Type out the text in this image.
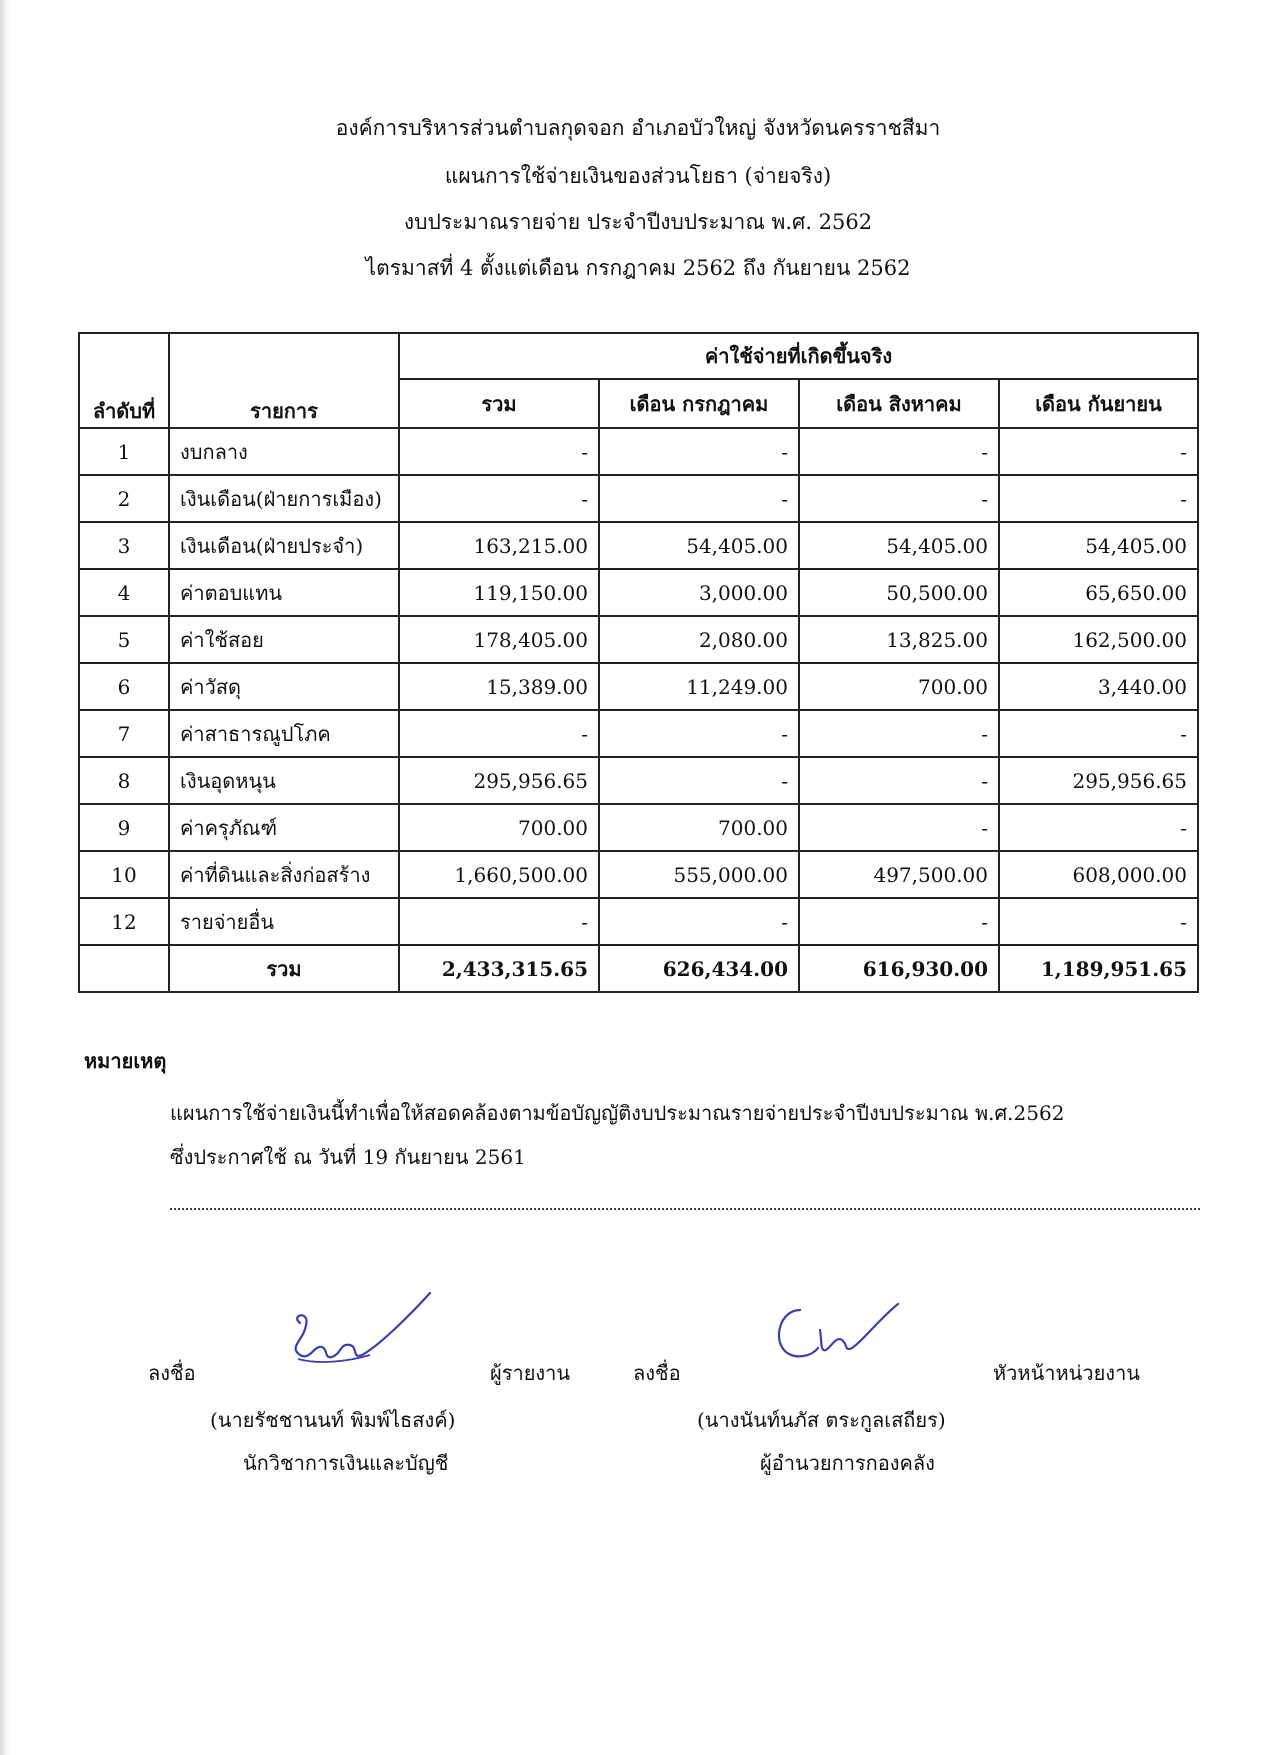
องค์การบริหารส่วนตำบลกุดจอก อำเภอบัวใหญ่ จังหวัดนครราชสีมา
แผนการใช้จ่ายเงินของส่วนโยธา (จ่ายจริง)
งบประมาณรายจ่าย ประจำปีงบประมาณ พ.ศ. 2562
ไตรมาสที่ 4 ตั้งแต่เดือน กรกฎาคม 2562 ถึง กันยายน 2562
ลำดับที่	รายการ	ค่าใช้จ่ายที่เกิดขึ้นจริง			
		รวม	เดือน กรกฎาคม	เดือน สิงหาคม	เดือน กันยายน
1	งบกลาง	-	-	-	-
2	เงินเดือน(ฝ่ายการเมือง)	-	-	-	-
3	เงินเดือน(ฝ่ายประจำ)	163,215.00	54,405.00	54,405.00	54,405.00
4	ค่าตอบแทน	119,150.00	3,000.00	50,500.00	65,650.00
5	ค่าใช้สอย	178,405.00	2,080.00	13,825.00	162,500.00
6	ค่าวัสดุ	15,389.00	11,249.00	700.00	3,440.00
7	ค่าสาธารณูปโภค	-	-	-	-
8	เงินอุดหนุน	295,956.65	-	-	295,956.65
9	ค่าครุภัณฑ์	700.00	700.00	-	-
10	ค่าที่ดินและสิ่งก่อสร้าง	1,660,500.00	555,000.00	497,500.00	608,000.00
12	รายจ่ายอื่น	-	-	-	-
	รวม	2,433,315.65	626,434.00	616,930.00	1,189,951.65
หมายเหตุ
แผนการใช้จ่ายเงินนี้ทำเพื่อให้สอดคล้องตามข้อบัญญัติงบประมาณรายจ่ายประจำปีงบประมาณ พ.ศ.2562
ซึ่งประกาศใช้ ณ วันที่ 19 กันยายน 2561
ลงชื่อ	ผู้รายงาน
(นายรัชชานนท์ พิมพ์ไธสงค์)
นักวิชาการเงินและบัญชี
ลงชื่อ	หัวหน้าหน่วยงาน
(นางนันท์นภัส ตระกูลเสถียร)
ผู้อำนวยการกองคลัง
